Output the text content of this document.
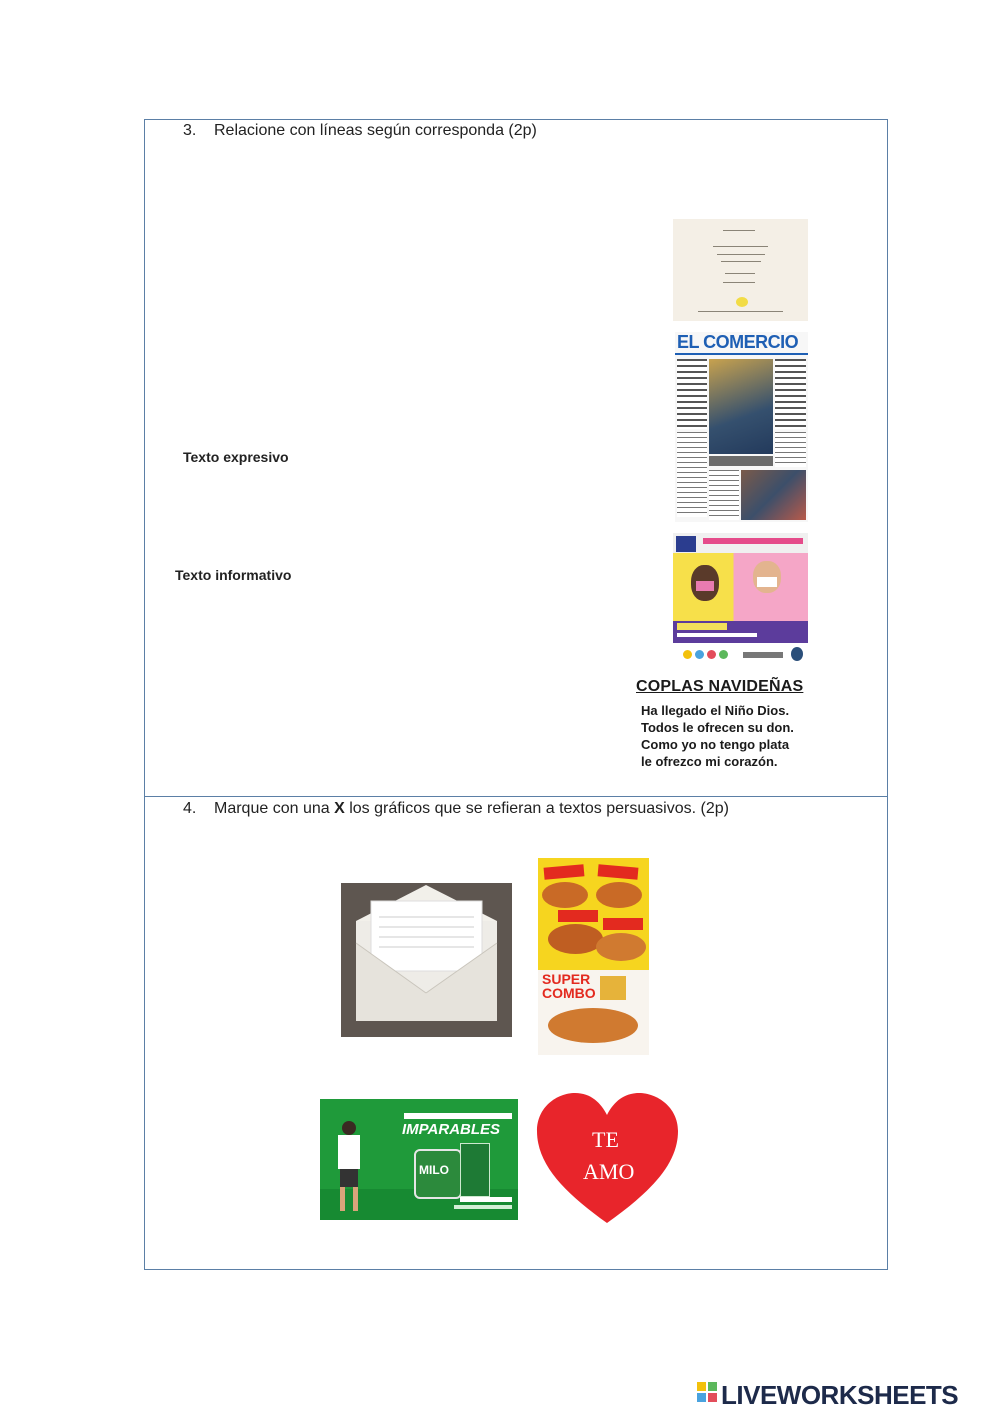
3. Relacione con líneas según corresponda (2p)
Texto expresivo
Texto informativo
EL COMERCIO
COPLAS NAVIDEÑAS
Ha llegado el Niño Dios.
Todos le ofrecen su don.
Como yo no tengo plata
le ofrezco mi corazón.
4. Marque con una X los gráficos que se refieran a textos persuasivos. (2p)
SUPER
COMBO
IMPARABLES
MILO
TE
AMO
LIVEWORKSHEETS
